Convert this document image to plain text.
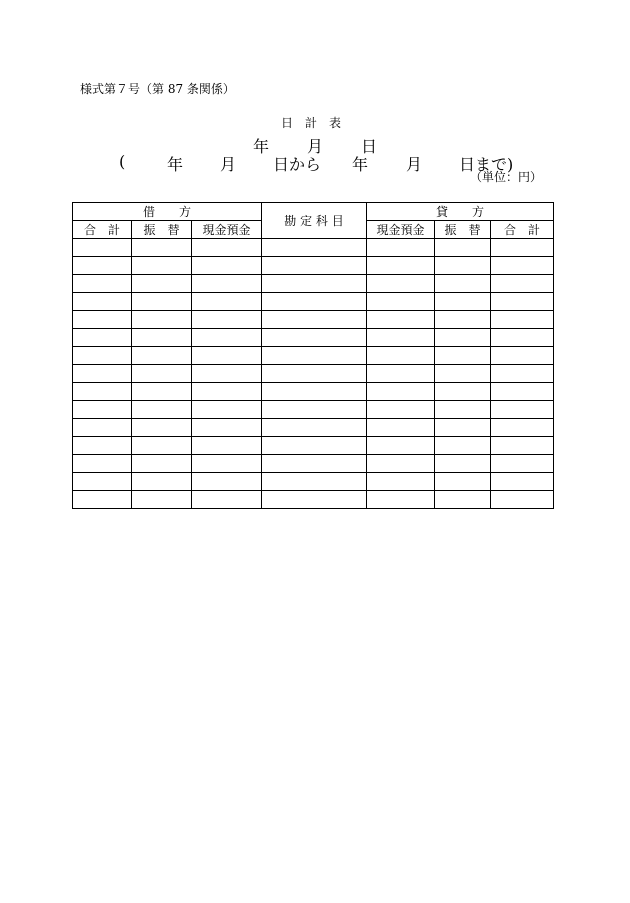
様式第７号（第 87 条関係）
日　計　表
年 月 日
(	年 月 日から 年 月 日まで)
（単位：円）
借　　方			勘 定 科 目	貸　　方		
合　計	振　替	現金預金		現金預金	振　替	合　計
